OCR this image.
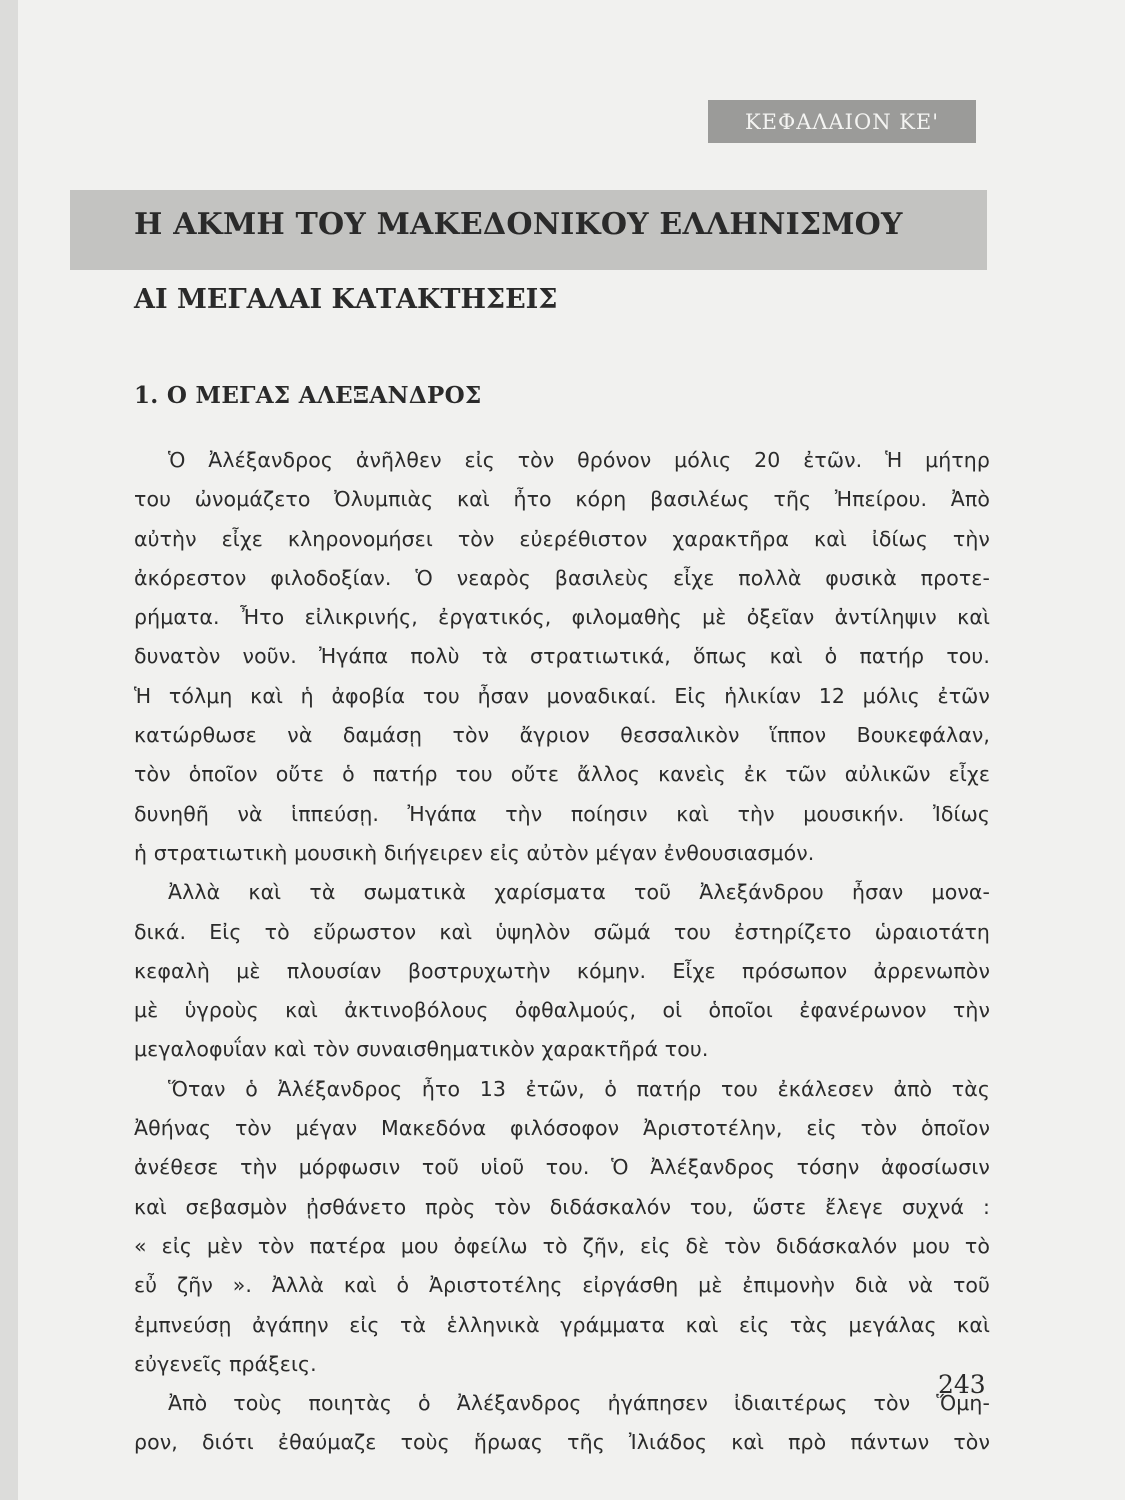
ΚΕΦΑΛΑΙΟΝ ΚΕ'
Η ΑΚΜΗ ΤΟΥ ΜΑΚΕΔΟΝΙΚΟΥ ΕΛΛΗΝΙΣΜΟΥ
ΑΙ ΜΕΓΑΛΑΙ ΚΑΤΑΚΤΗΣΕΙΣ
1. Ο ΜΕΓΑΣ ΑΛΕΞΑΝΔΡΟΣ
Ὁ Ἀλέξανδρος ἀνῆλθεν εἰς τὸν θρόνον μόλις 20 ἐτῶν. Ἡ μήτηρ
του ὠνομάζετο Ὀλυμπιὰς καὶ ἦτο κόρη βασιλέως τῆς Ἠπείρου. Ἀπὸ
αὐτὴν εἶχε κληρονομήσει τὸν εὐερέθιστον χαρακτῆρα καὶ ἰδίως τὴν
ἀκόρεστον φιλοδοξίαν. Ὁ νεαρὸς βασιλεὺς εἶχε πολλὰ φυσικὰ προτε-
ρήματα. Ἦτο εἰλικρινής, ἐργατικός, φιλομαθὴς μὲ ὀξεῖαν ἀντίληψιν καὶ
δυνατὸν νοῦν. Ἠγάπα πολὺ τὰ στρατιωτικά, ὅπως καὶ ὁ πατήρ του.
Ἡ τόλμη καὶ ἡ ἀφοβία του ἦσαν μοναδικαί. Εἰς ἡλικίαν 12 μόλις ἐτῶν
κατώρθωσε νὰ δαμάσῃ τὸν ἄγριον θεσσαλικὸν ἵππον Βουκεφάλαν,
τὸν ὁποῖον οὔτε ὁ πατήρ του οὔτε ἄλλος κανεὶς ἐκ τῶν αὐλικῶν εἶχε
δυνηθῆ νὰ ἱππεύσῃ. Ἠγάπα τὴν ποίησιν καὶ τὴν μουσικήν. Ἰδίως
ἡ στρατιωτικὴ μουσικὴ διήγειρεν εἰς αὐτὸν μέγαν ἐνθουσιασμόν.
Ἀλλὰ καὶ τὰ σωματικὰ χαρίσματα τοῦ Ἀλεξάνδρου ἦσαν μονα-
δικά. Εἰς τὸ εὔρωστον καὶ ὑψηλὸν σῶμά του ἐστηρίζετο ὡραιοτάτη
κεφαλὴ μὲ πλουσίαν βοστρυχωτὴν κόμην. Εἶχε πρόσωπον ἀρρενωπὸν
μὲ ὑγροὺς καὶ ἀκτινοβόλους ὀφθαλμούς, οἱ ὁποῖοι ἐφανέρωνον τὴν
μεγαλοφυΐαν καὶ τὸν συναισθηματικὸν χαρακτῆρά του.
Ὅταν ὁ Ἀλέξανδρος ἦτο 13 ἐτῶν, ὁ πατήρ του ἐκάλεσεν ἀπὸ τὰς
Ἀθήνας τὸν μέγαν Μακεδόνα φιλόσοφον Ἀριστοτέλην, εἰς τὸν ὁποῖον
ἀνέθεσε τὴν μόρφωσιν τοῦ υἱοῦ του. Ὁ Ἀλέξανδρος τόσην ἀφοσίωσιν
καὶ σεβασμὸν ᾐσθάνετο πρὸς τὸν διδάσκαλόν του, ὥστε ἔλεγε συχνά :
« εἰς μὲν τὸν πατέρα μου ὀφείλω τὸ ζῆν, εἰς δὲ τὸν διδάσκαλόν μου τὸ
εὖ ζῆν ». Ἀλλὰ καὶ ὁ Ἀριστοτέλης εἰργάσθη μὲ ἐπιμονὴν διὰ νὰ τοῦ
ἐμπνεύσῃ ἀγάπην εἰς τὰ ἑλληνικὰ γράμματα καὶ εἰς τὰς μεγάλας καὶ
εὐγενεῖς πράξεις.
Ἀπὸ τοὺς ποιητὰς ὁ Ἀλέξανδρος ἠγάπησεν ἰδιαιτέρως τὸν Ὅμη-
ρον, διότι ἐθαύμαζε τοὺς ἥρωας τῆς Ἰλιάδος καὶ πρὸ πάντων τὸν
243
